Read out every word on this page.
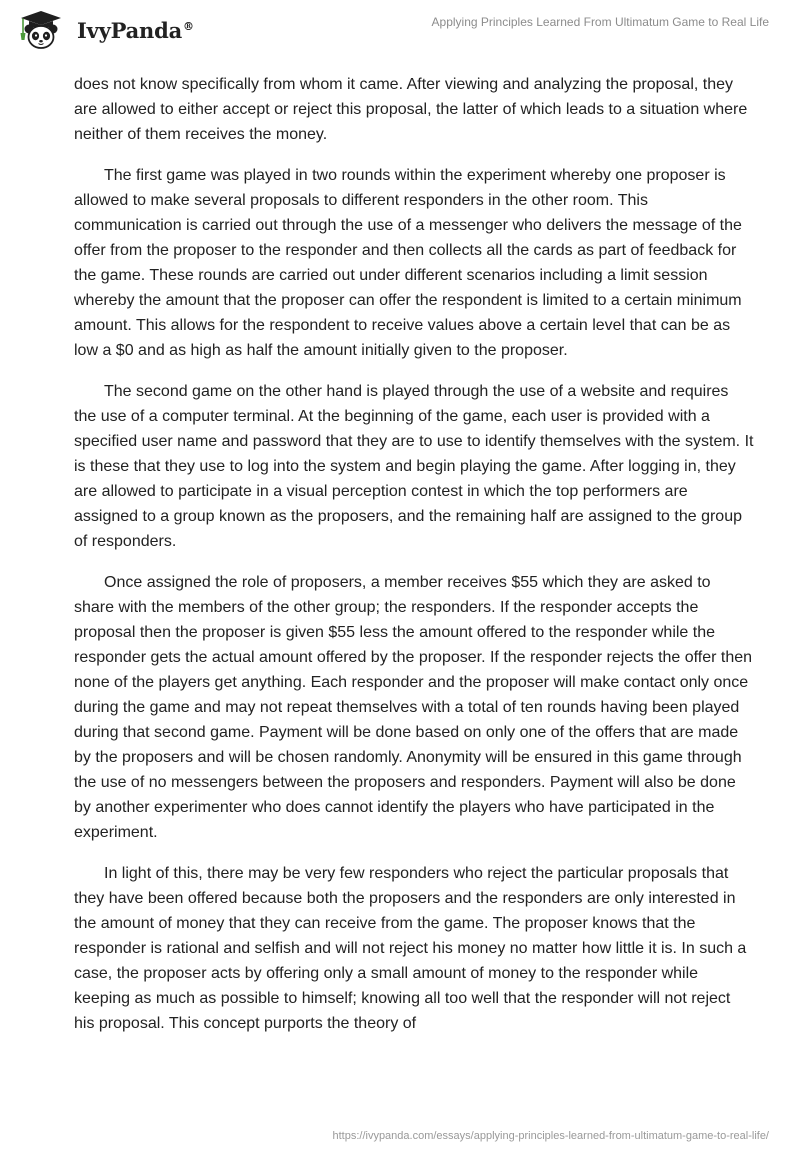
IvyPanda®	Applying Principles Learned From Ultimatum Game to Real Life

does not know specifically from whom it came. After viewing and analyzing the proposal, they are allowed to either accept or reject this proposal, the latter of which leads to a situation where neither of them receives the money.

The first game was played in two rounds within the experiment whereby one proposer is allowed to make several proposals to different responders in the other room. This communication is carried out through the use of a messenger who delivers the message of the offer from the proposer to the responder and then collects all the cards as part of feedback for the game. These rounds are carried out under different scenarios including a limit session whereby the amount that the proposer can offer the respondent is limited to a certain minimum amount. This allows for the respondent to receive values above a certain level that can be as low a $0 and as high as half the amount initially given to the proposer.

The second game on the other hand is played through the use of a website and requires the use of a computer terminal. At the beginning of the game, each user is provided with a specified user name and password that they are to use to identify themselves with the system. It is these that they use to log into the system and begin playing the game. After logging in, they are allowed to participate in a visual perception contest in which the top performers are assigned to a group known as the proposers, and the remaining half are assigned to the group of responders.

Once assigned the role of proposers, a member receives $55 which they are asked to share with the members of the other group; the responders. If the responder accepts the proposal then the proposer is given $55 less the amount offered to the responder while the responder gets the actual amount offered by the proposer. If the responder rejects the offer then none of the players get anything. Each responder and the proposer will make contact only once during the game and may not repeat themselves with a total of ten rounds having been played during that second game. Payment will be done based on only one of the offers that are made by the proposers and will be chosen randomly. Anonymity will be ensured in this game through the use of no messengers between the proposers and responders. Payment will also be done by another experimenter who does cannot identify the players who have participated in the experiment.

In light of this, there may be very few responders who reject the particular proposals that they have been offered because both the proposers and the responders are only interested in the amount of money that they can receive from the game. The proposer knows that the responder is rational and selfish and will not reject his money no matter how little it is. In such a case, the proposer acts by offering only a small amount of money to the responder while keeping as much as possible to himself; knowing all too well that the responder will not reject his proposal. This concept purports the theory of

https://ivypanda.com/essays/applying-principles-learned-from-ultimatum-game-to-real-life/
